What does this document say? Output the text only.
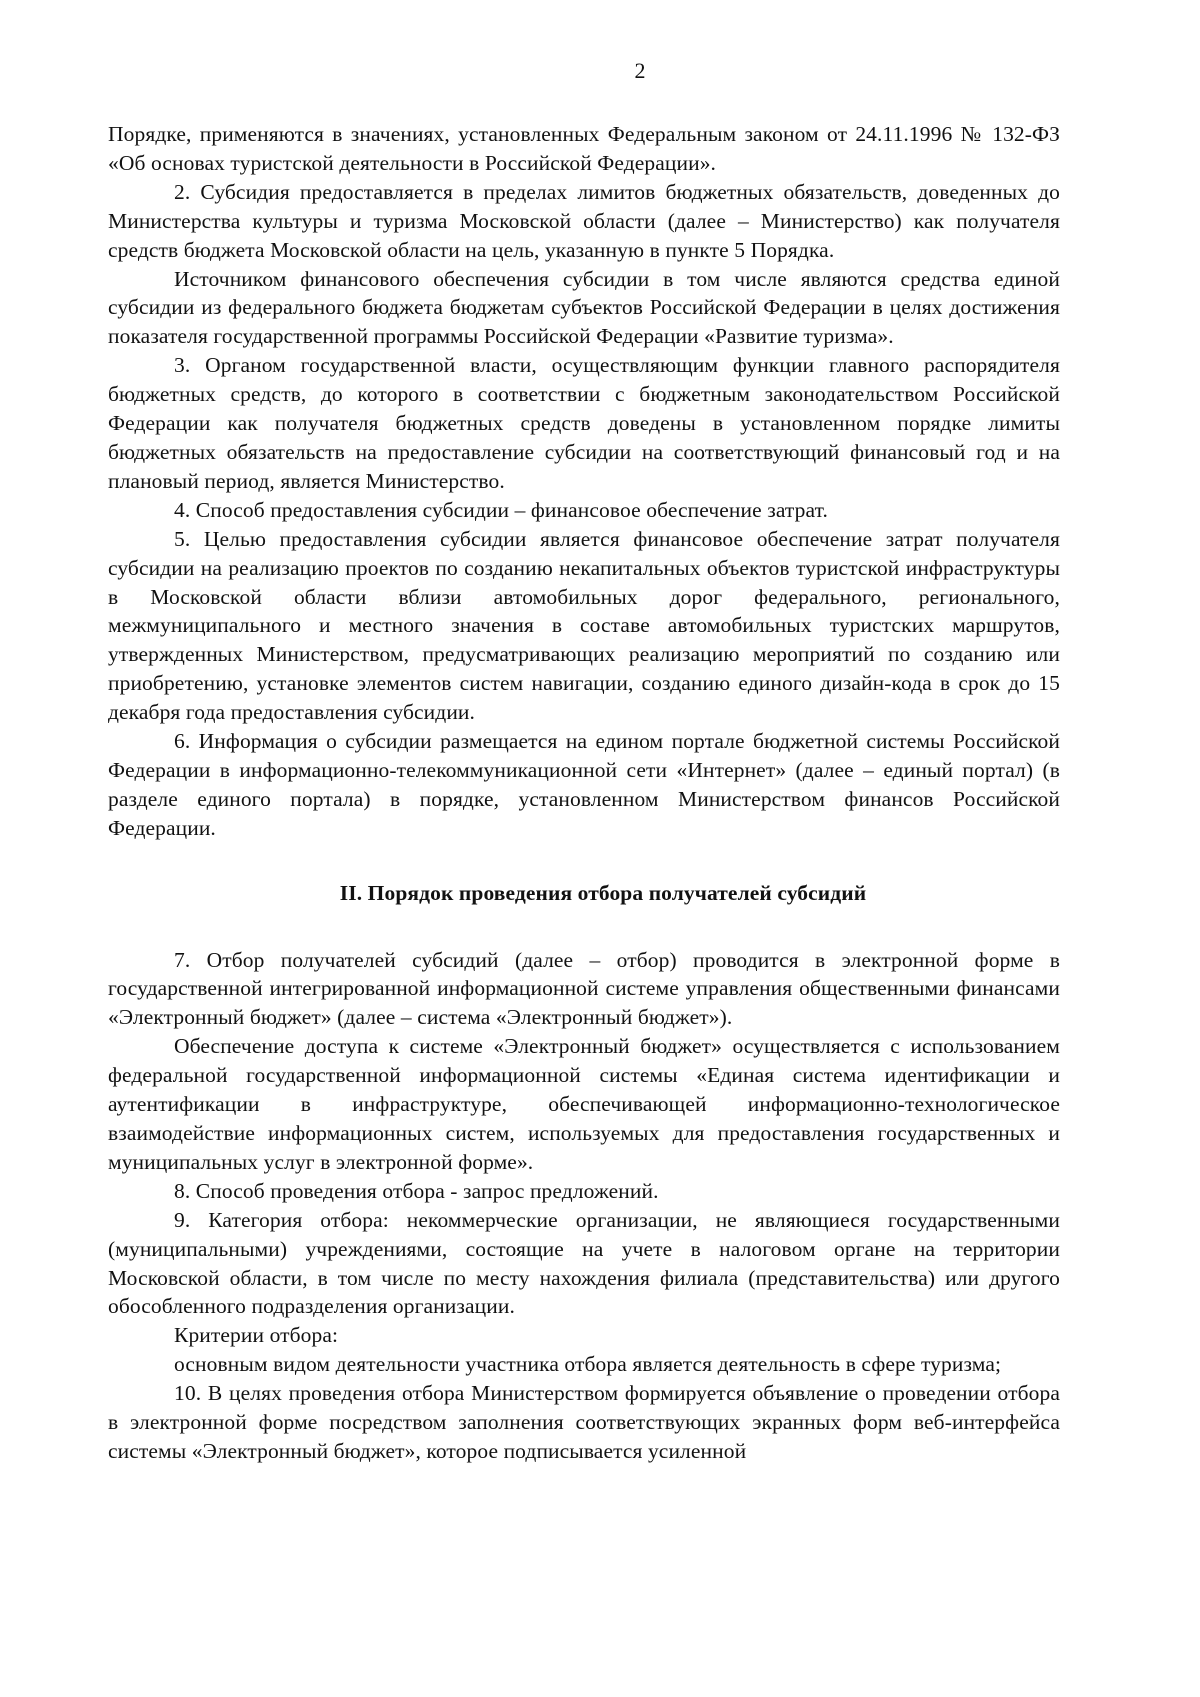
2

Порядке, применяются в значениях, установленных Федеральным законом от 24.11.1996 № 132-ФЗ «Об основах туристской деятельности в Российской Федерации».

2. Субсидия предоставляется в пределах лимитов бюджетных обязательств, доведенных до Министерства культуры и туризма Московской области (далее – Министерство) как получателя средств бюджета Московской области на цель, указанную в пункте 5 Порядка.

Источником финансового обеспечения субсидии в том числе являются средства единой субсидии из федерального бюджета бюджетам субъектов Российской Федерации в целях достижения показателя государственной программы Российской Федерации «Развитие туризма».

3. Органом государственной власти, осуществляющим функции главного распорядителя бюджетных средств, до которого в соответствии с бюджетным законодательством Российской Федерации как получателя бюджетных средств доведены в установленном порядке лимиты бюджетных обязательств на предоставление субсидии на соответствующий финансовый год и на плановый период, является Министерство.

4. Способ предоставления субсидии – финансовое обеспечение затрат.

5. Целью предоставления субсидии является финансовое обеспечение затрат получателя субсидии на реализацию проектов по созданию некапитальных объектов туристской инфраструктуры в Московской области вблизи автомобильных дорог федерального, регионального, межмуниципального и местного значения в составе автомобильных туристских маршрутов, утвержденных Министерством, предусматривающих реализацию мероприятий по созданию или приобретению, установке элементов систем навигации, созданию единого дизайн-кода в срок до 15 декабря года предоставления субсидии.

6. Информация о субсидии размещается на едином портале бюджетной системы Российской Федерации в информационно-телекоммуникационной сети «Интернет» (далее – единый портал) (в разделе единого портала) в порядке, установленном Министерством финансов Российской Федерации.

II. Порядок проведения отбора получателей субсидий

7. Отбор получателей субсидий (далее – отбор) проводится в электронной форме в государственной интегрированной информационной системе управления общественными финансами «Электронный бюджет» (далее – система «Электронный бюджет»).

Обеспечение доступа к системе «Электронный бюджет» осуществляется с использованием федеральной государственной информационной системы «Единая система идентификации и аутентификации в инфраструктуре, обеспечивающей информационно-технологическое взаимодействие информационных систем, используемых для предоставления государственных и муниципальных услуг в электронной форме».

8. Способ проведения отбора - запрос предложений.

9. Категория отбора: некоммерческие организации, не являющиеся государственными (муниципальными) учреждениями, состоящие на учете в налоговом органе на территории Московской области, в том числе по месту нахождения филиала (представительства) или другого обособленного подразделения организации.

Критерии отбора:

основным видом деятельности участника отбора является деятельность в сфере туризма;

10. В целях проведения отбора Министерством формируется объявление о проведении отбора в электронной форме посредством заполнения соответствующих экранных форм веб-интерфейса системы «Электронный бюджет», которое подписывается усиленной
